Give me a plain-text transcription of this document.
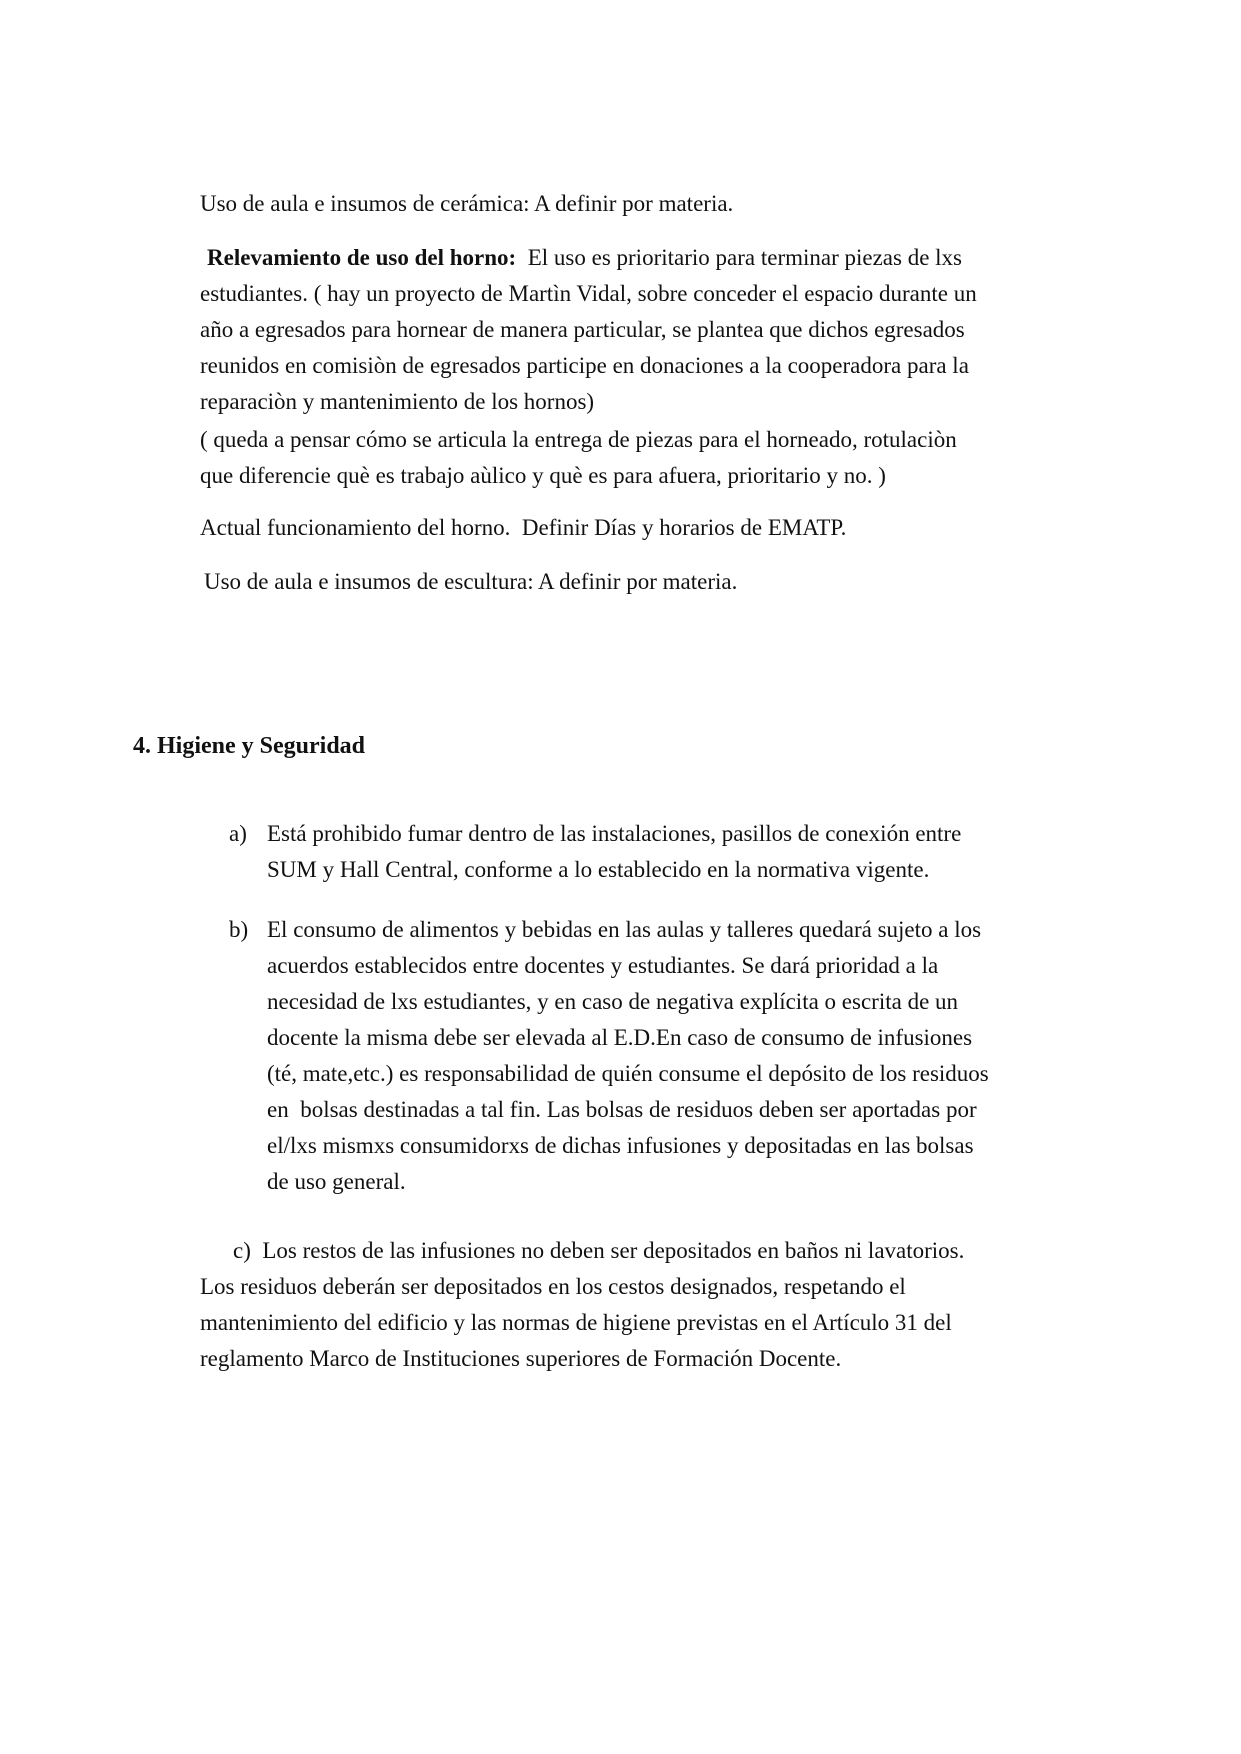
Uso de aula e insumos de cerámica: A definir por materia.

Relevamiento de uso del horno:  El uso es prioritario para terminar piezas de lxs
estudiantes. ( hay un proyecto de Martìn Vidal, sobre conceder el espacio durante un
año a egresados para hornear de manera particular, se plantea que dichos egresados
reunidos en comisiòn de egresados participe en donaciones a la cooperadora para la
reparaciòn y mantenimiento de los hornos)

( queda a pensar cómo se articula la entrega de piezas para el horneado, rotulaciòn
que diferencie què es trabajo aùlico y què es para afuera, prioritario y no. )

Actual funcionamiento del horno.  Definir Días y horarios de EMATP.

Uso de aula e insumos de escultura: A definir por materia.

4. Higiene y Seguridad
a) Está prohibido fumar dentro de las instalaciones, pasillos de conexión entre
SUM y Hall Central, conforme a lo establecido en la normativa vigente.
b) El consumo de alimentos y bebidas en las aulas y talleres quedará sujeto a los
acuerdos establecidos entre docentes y estudiantes. Se dará prioridad a la
necesidad de lxs estudiantes, y en caso de negativa explícita o escrita de un
docente la misma debe ser elevada al E.D.En caso de consumo de infusiones
(té, mate,etc.) es responsabilidad de quién consume el depósito de los residuos
en  bolsas destinadas a tal fin. Las bolsas de residuos deben ser aportadas por
el/lxs mismxs consumidorxs de dichas infusiones y depositadas en las bolsas
de uso general.
c) Los restos de las infusiones no deben ser depositados en baños ni lavatorios.
Los residuos deberán ser depositados en los cestos designados, respetando el
mantenimiento del edificio y las normas de higiene previstas en el Artículo 31 del
reglamento Marco de Instituciones superiores de Formación Docente.
